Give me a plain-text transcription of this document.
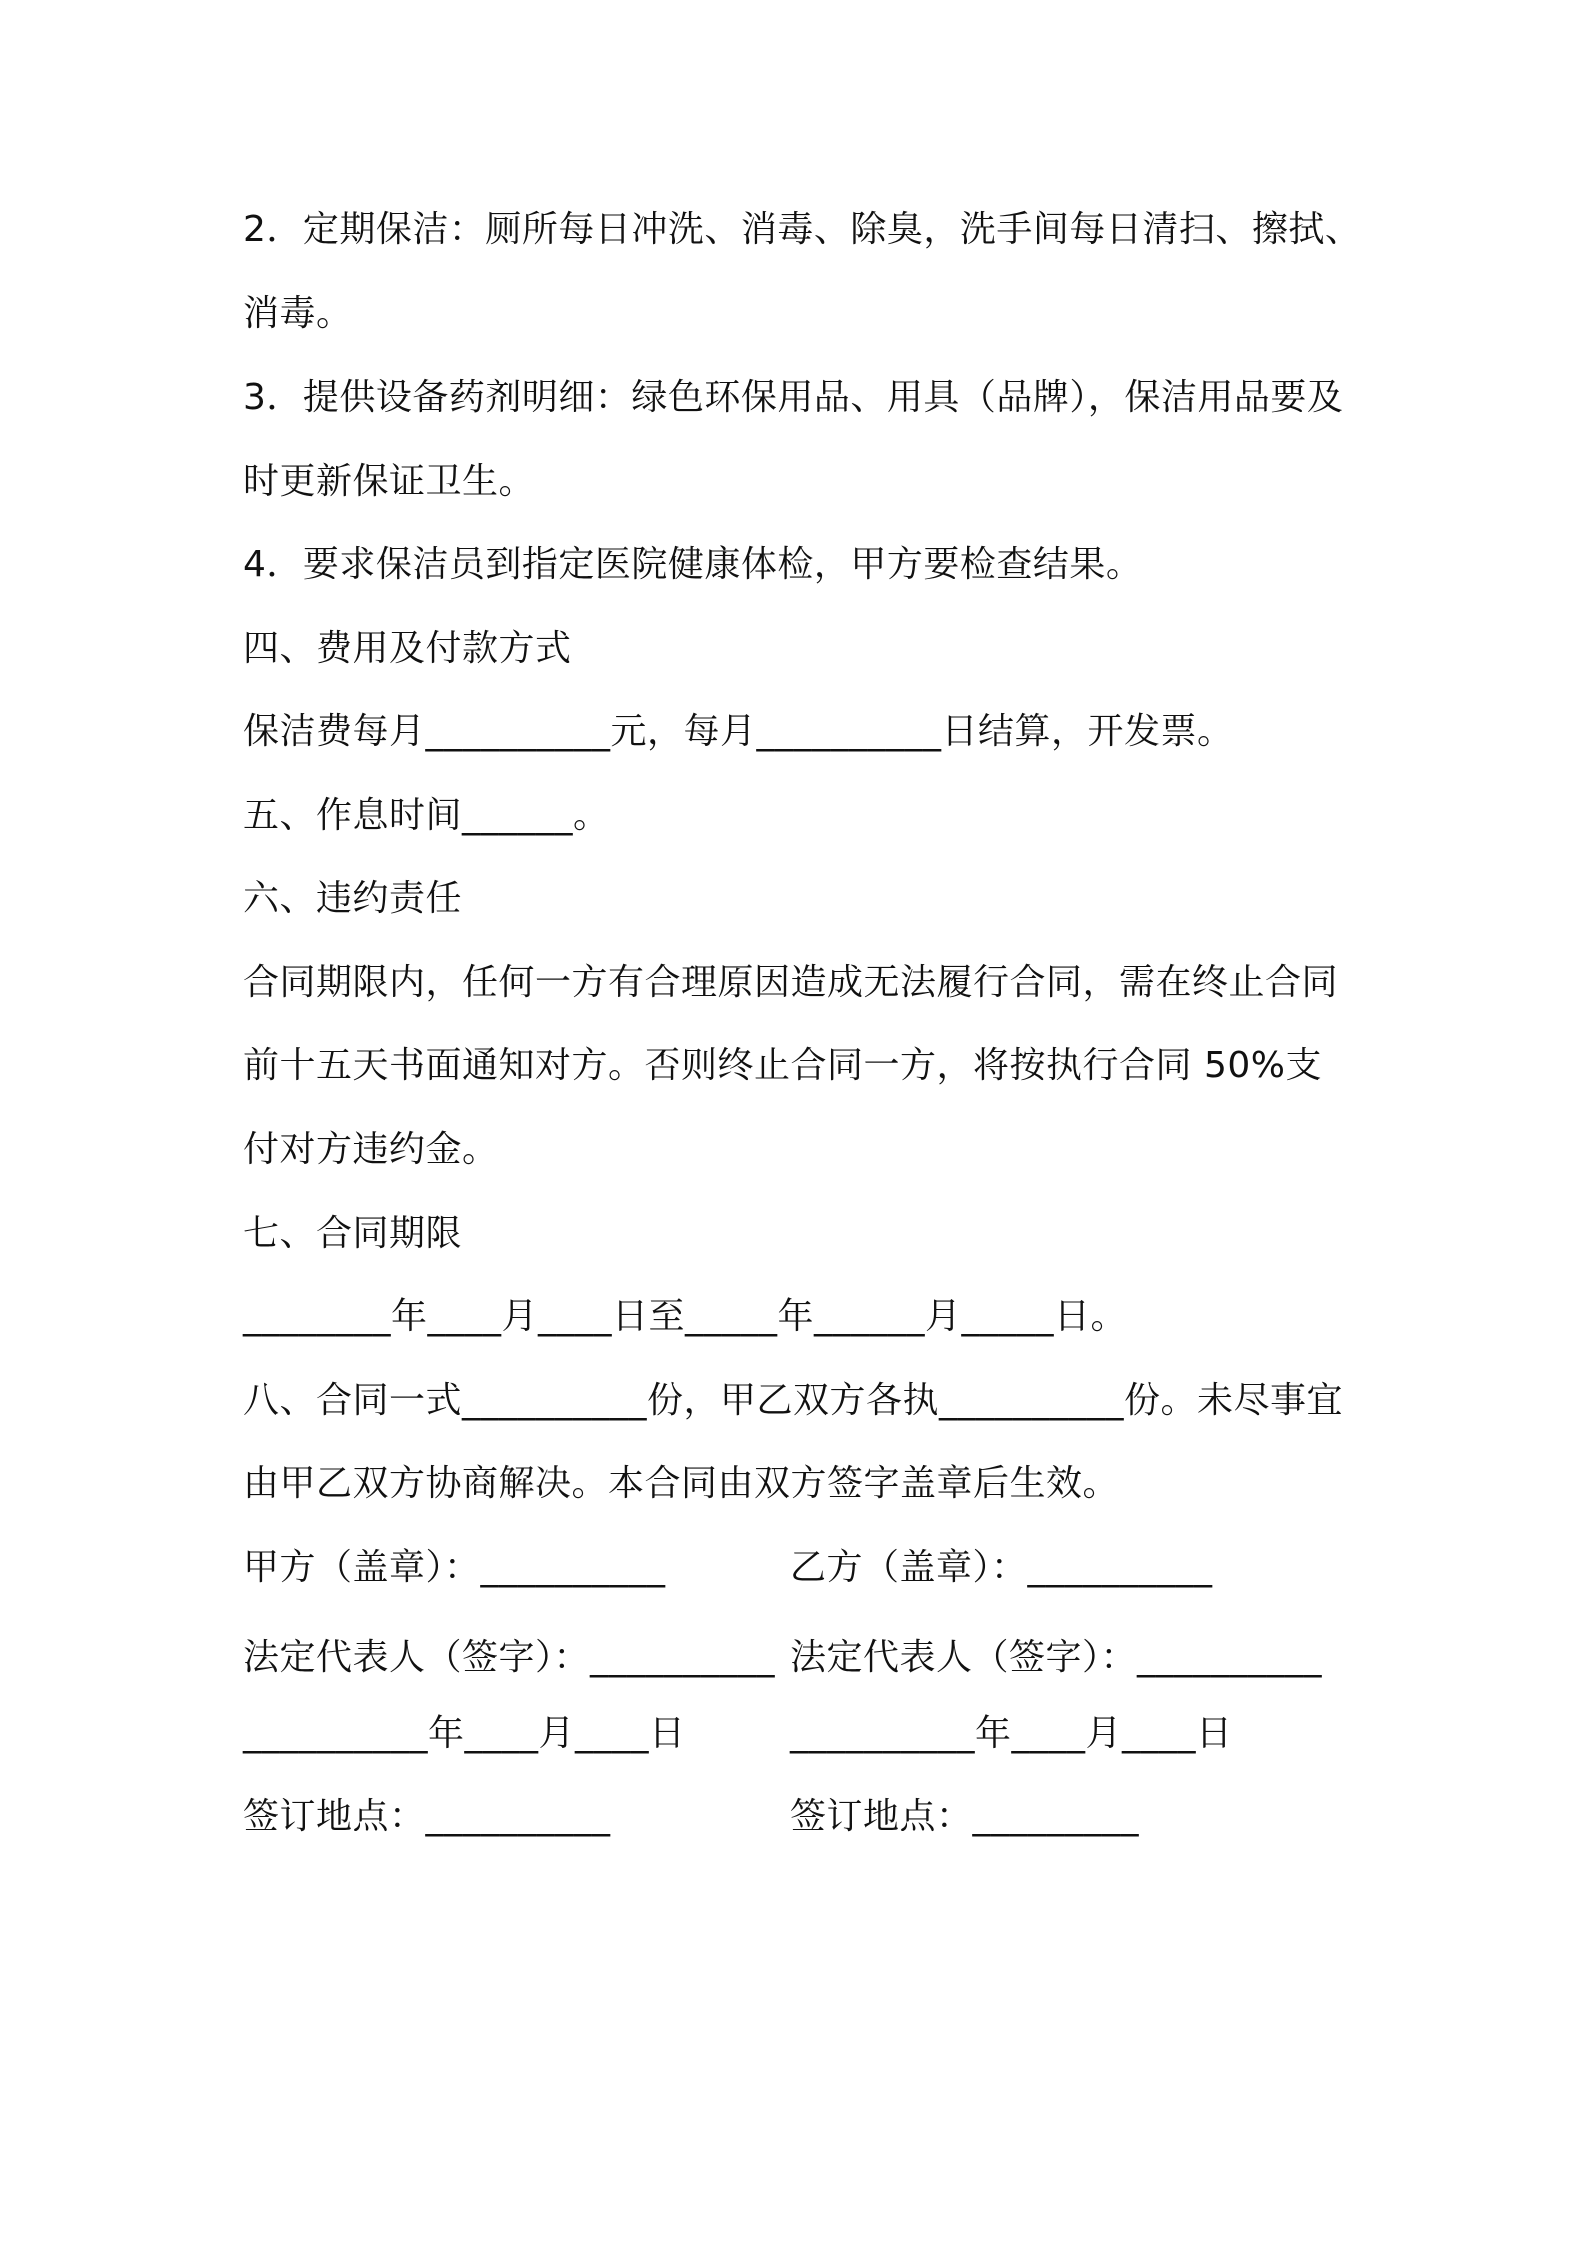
2．定期保洁：厕所每日冲洗、消毒、除臭，洗手间每日清扫、擦拭、
消毒。
3．提供设备药剂明细：绿色环保用品、用具（品牌），保洁用品要及
时更新保证卫生。
4．要求保洁员到指定医院健康体检，甲方要检查结果。
四、费用及付款方式
保洁费每月__________元，每月__________日结算，开发票。
五、作息时间______。
六、违约责任
合同期限内，任何一方有合理原因造成无法履行合同，需在终止合同
前十五天书面通知对方。否则终止合同一方，将按执行合同 50%支
付对方违约金。
七、合同期限
________年____月____日至_____年______月_____日。
八、合同一式__________份，甲乙双方各执__________份。未尽事宜
由甲乙双方协商解决。本合同由双方签字盖章后生效。
甲方（盖章）：__________	乙方（盖章）：__________
法定代表人（签字）：__________ 法定代表人（签字）：__________
__________年____月____日	__________年____月____日
签订地点：__________	签订地点：_________
